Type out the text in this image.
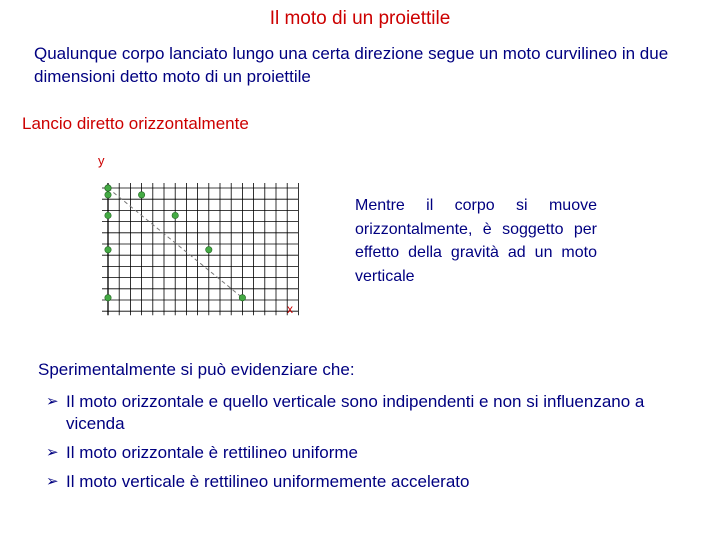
Il moto di un proiettile
Qualunque corpo lanciato lungo una certa direzione segue un moto curvilineo in due dimensioni detto moto di un proiettile
Lancio diretto orizzontalmente
y
x
Mentre il corpo si muove orizzontalmente, è soggetto per effetto della gravità ad un moto verticale
Sperimentalmente si può evidenziare che:
➢ Il moto orizzontale e quello verticale sono indipendenti e non si influenzano a vicenda
➢ Il moto orizzontale è rettilineo uniforme
➢ Il moto verticale è rettilineo uniformemente accelerato
